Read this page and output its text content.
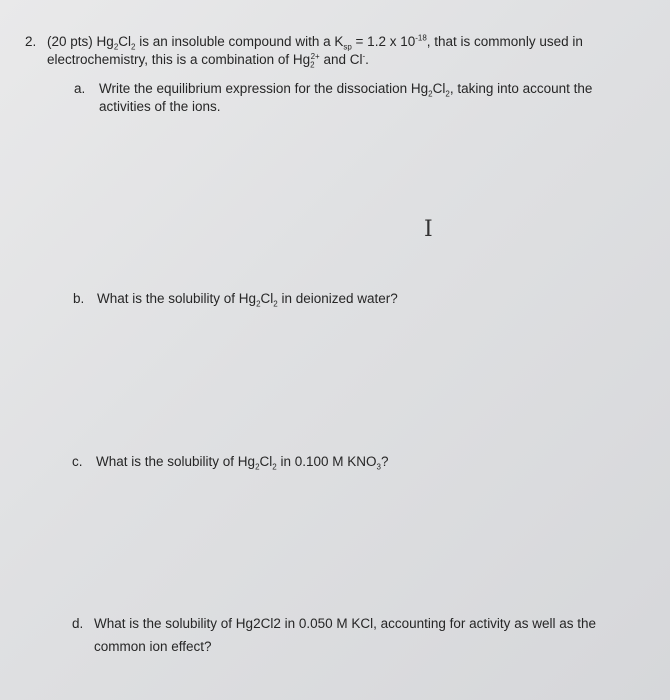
2. (20 pts) $Hg_2Cl_2$ is an insoluble compound with a $K_{sp} = 1.2$ x $10^{-18}$, that is commonly used in
electrochemistry, this is a combination of $Hg_2^{2+}$ and Cl-.
a. Write the equilibrium expression for the dissociation $Hg_2Cl_2$, taking into account the
activities of the ions.
I
b. What is the solubility of $Hg_2Cl_2$ in deionized water?
c. What is the solubility of $Hg_2Cl_2$ in 0.100 M $KNO_3$?
d. What is the solubility of Hg2Cl2 in 0.050 M KCl, accounting for activity as well as the
common ion effect?
